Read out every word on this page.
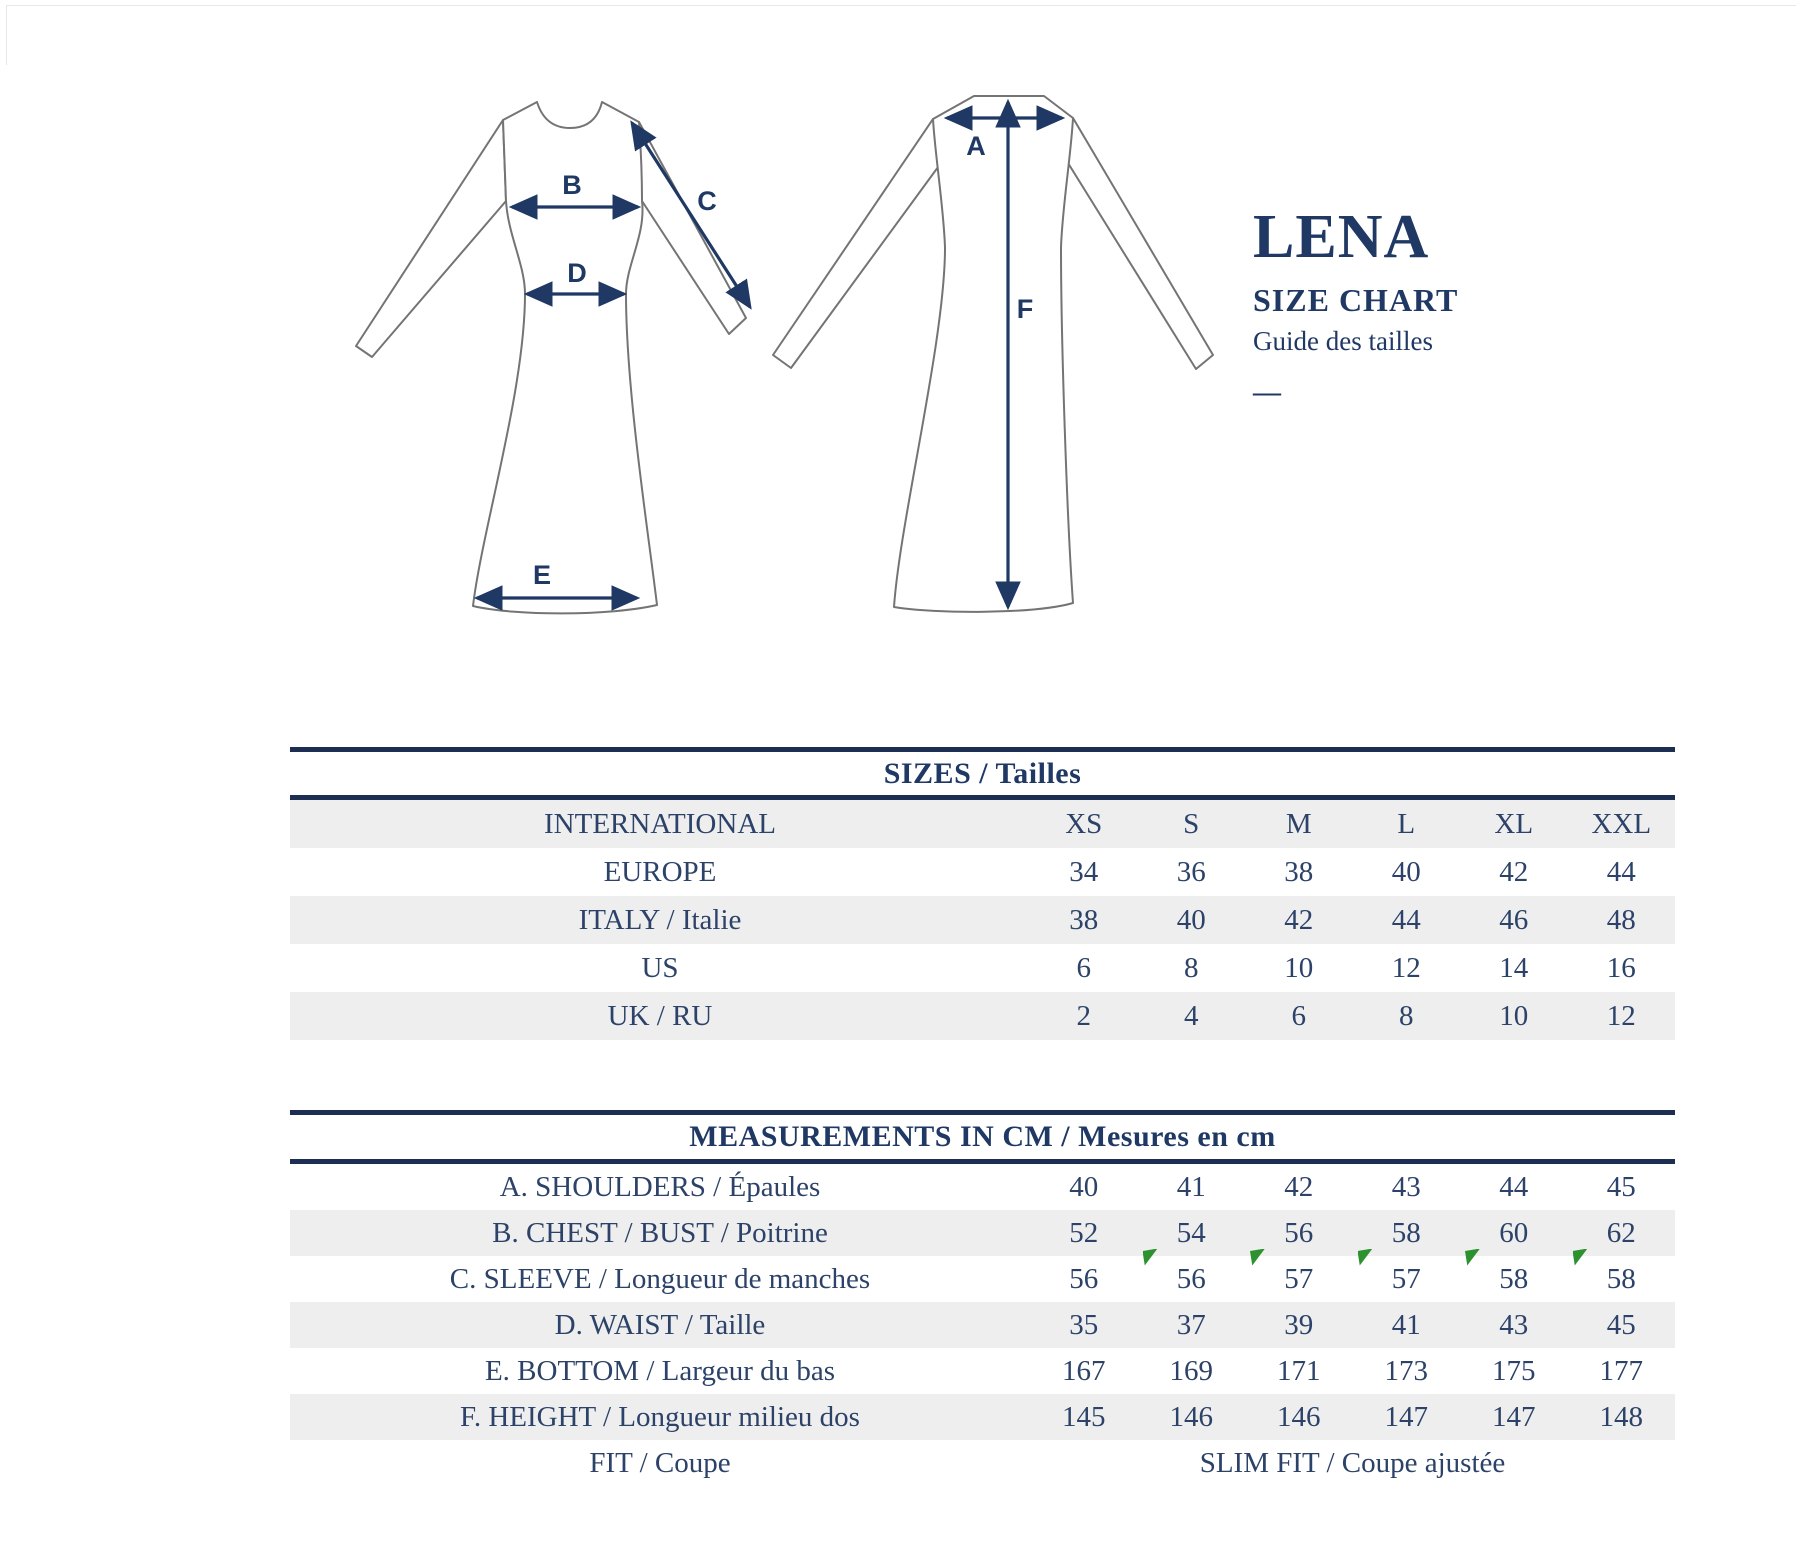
B
D
E
C
A
F
LENA
SIZE CHART
Guide des tailles
—
SIZES / Tailles
INTERNATIONAL	XS	S	M	L	XL	XXL
EUROPE	34	36	38	40	42	44
ITALY / Italie	38	40	42	44	46	48
US	6	8	10	12	14	16
UK / RU	2	4	6	8	10	12
MEASUREMENTS IN CM / Mesures en cm
A. SHOULDERS / Épaules	40	41	42	43	44	45
B. CHEST / BUST / Poitrine	52	54	56	58	60	62
C. SLEEVE / Longueur de manches	56	56	57	57	58	58
D. WAIST / Taille	35	37	39	41	43	45
E. BOTTOM / Largeur du bas	167	169	171	173	175	177
F. HEIGHT / Longueur milieu dos	145	146	146	147	147	148
FIT / Coupe	SLIM FIT / Coupe ajustée
